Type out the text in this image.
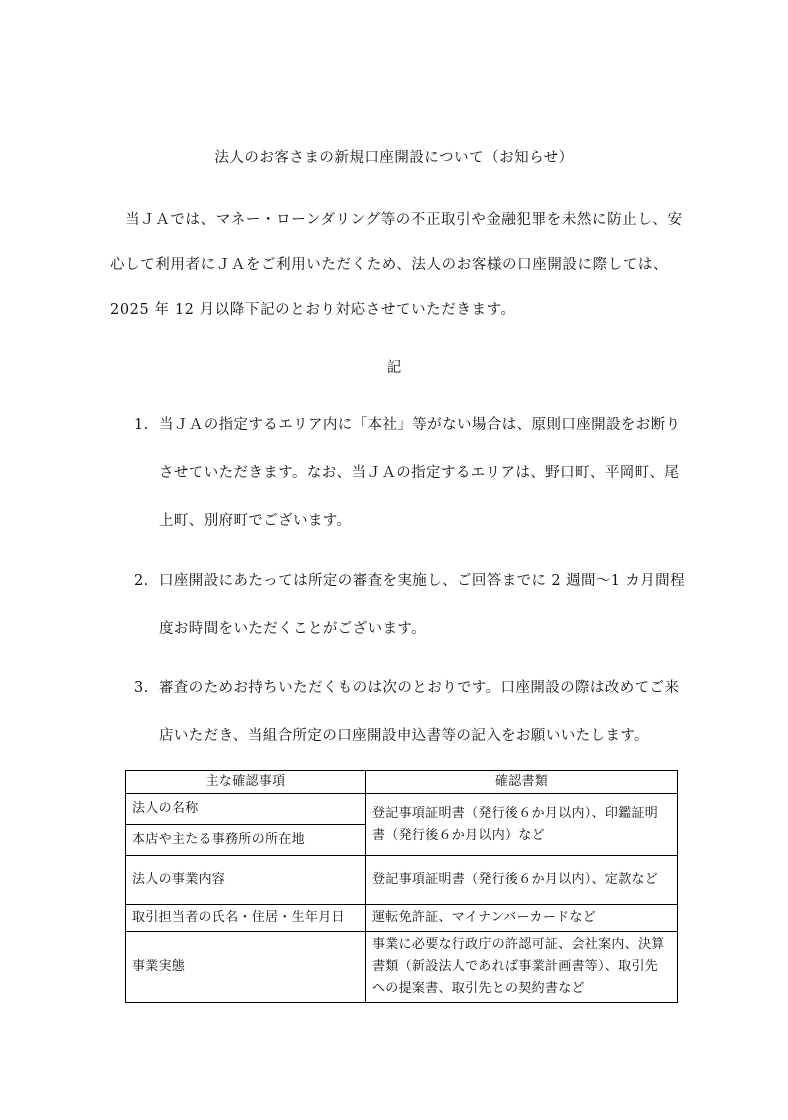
法人のお客さまの新規口座開設について（お知らせ）

　当ＪＡでは、マネー・ローンダリング等の不正取引や金融犯罪を未然に防止し、安

心して利用者にＪＡをご利用いただくため、法人のお客様の口座開設に際しては、

2025 年 12 月以降下記のとおり対応させていただきます。

記
1. 当ＪＡの指定するエリア内に「本社」等がない場合は、原則口座開設をお断り
させていただきます。なお、当ＪＡの指定するエリアは、野口町、平岡町、尾
上町、別府町でございます。
2. 口座開設にあたっては所定の審査を実施し、ご回答までに 2 週間〜1 カ月間程
度お時間をいただくことがございます。
3. 審査のためお持ちいただくものは次のとおりです。口座開設の際は改めてご来
店いただき、当組合所定の口座開設申込書等の記入をお願いいたします。
主な確認事項	確認書類
法人の名称	登記事項証明書（発行後６か月以内）、印鑑証明書（発行後６か月以内）など
本店や主たる事務所の所在地	
法人の事業内容	登記事項証明書（発行後６か月以内）、定款など
取引担当者の氏名・住居・生年月日	運転免許証、マイナンバーカードなど
事業実態	事業に必要な行政庁の許認可証、会社案内、決算書類（新設法人であれば事業計画書等）、取引先への提案書、取引先との契約書など
